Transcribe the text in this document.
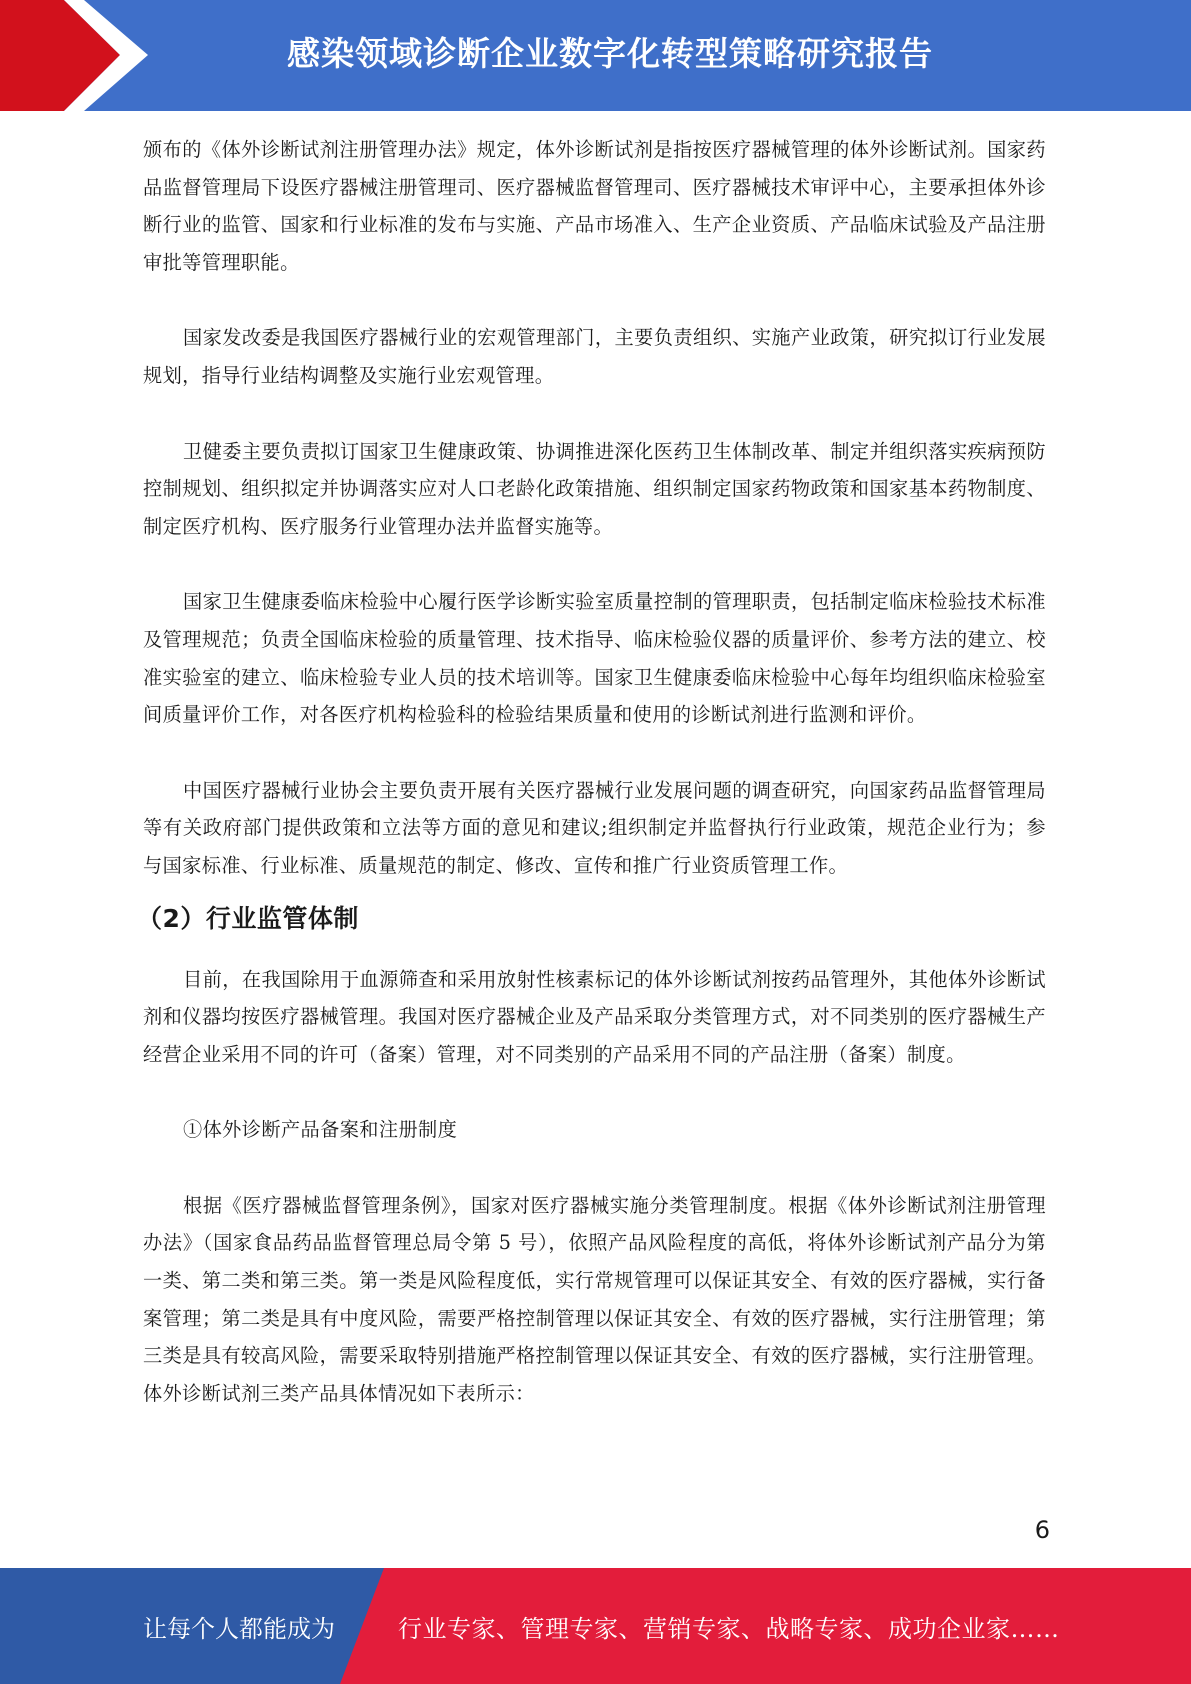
感染领域诊断企业数字化转型策略研究报告

颁布的《体外诊断试剂注册管理办法》规定，体外诊断试剂是指按医疗器械管理的体外诊断试剂。国家药品监督管理局下设医疗器械注册管理司、医疗器械监督管理司、医疗器械技术审评中心，主要承担体外诊断行业的监管、国家和行业标准的发布与实施、产品市场准入、生产企业资质、产品临床试验及产品注册审批等管理职能。

国家发改委是我国医疗器械行业的宏观管理部门，主要负责组织、实施产业政策，研究拟订行业发展规划，指导行业结构调整及实施行业宏观管理。

卫健委主要负责拟订国家卫生健康政策、协调推进深化医药卫生体制改革、制定并组织落实疾病预防控制规划、组织拟定并协调落实应对人口老龄化政策措施、组织制定国家药物政策和国家基本药物制度、制定医疗机构、医疗服务行业管理办法并监督实施等。

国家卫生健康委临床检验中心履行医学诊断实验室质量控制的管理职责，包括制定临床检验技术标准及管理规范；负责全国临床检验的质量管理、技术指导、临床检验仪器的质量评价、参考方法的建立、校准实验室的建立、临床检验专业人员的技术培训等。国家卫生健康委临床检验中心每年均组织临床检验室间质量评价工作，对各医疗机构检验科的检验结果质量和使用的诊断试剂进行监测和评价。

中国医疗器械行业协会主要负责开展有关医疗器械行业发展问题的调查研究，向国家药品监督管理局等有关政府部门提供政策和立法等方面的意见和建议;组织制定并监督执行行业政策，规范企业行为；参与国家标准、行业标准、质量规范的制定、修改、宣传和推广行业资质管理工作。

（2）行业监管体制

目前，在我国除用于血源筛查和采用放射性核素标记的体外诊断试剂按药品管理外，其他体外诊断试剂和仪器均按医疗器械管理。我国对医疗器械企业及产品采取分类管理方式，对不同类别的医疗器械生产经营企业采用不同的许可（备案）管理，对不同类别的产品采用不同的产品注册（备案）制度。

①体外诊断产品备案和注册制度

根据《医疗器械监督管理条例》，国家对医疗器械实施分类管理制度。根据《体外诊断试剂注册管理办法》（国家食品药品监督管理总局令第 5 号），依照产品风险程度的高低，将体外诊断试剂产品分为第一类、第二类和第三类。第一类是风险程度低，实行常规管理可以保证其安全、有效的医疗器械，实行备案管理；第二类是具有中度风险，需要严格控制管理以保证其安全、有效的医疗器械，实行注册管理；第三类是具有较高风险，需要采取特别措施严格控制管理以保证其安全、有效的医疗器械，实行注册管理。体外诊断试剂三类产品具体情况如下表所示：

6
让每个人都能成为	行业专家、管理专家、营销专家、战略专家、成功企业家……
